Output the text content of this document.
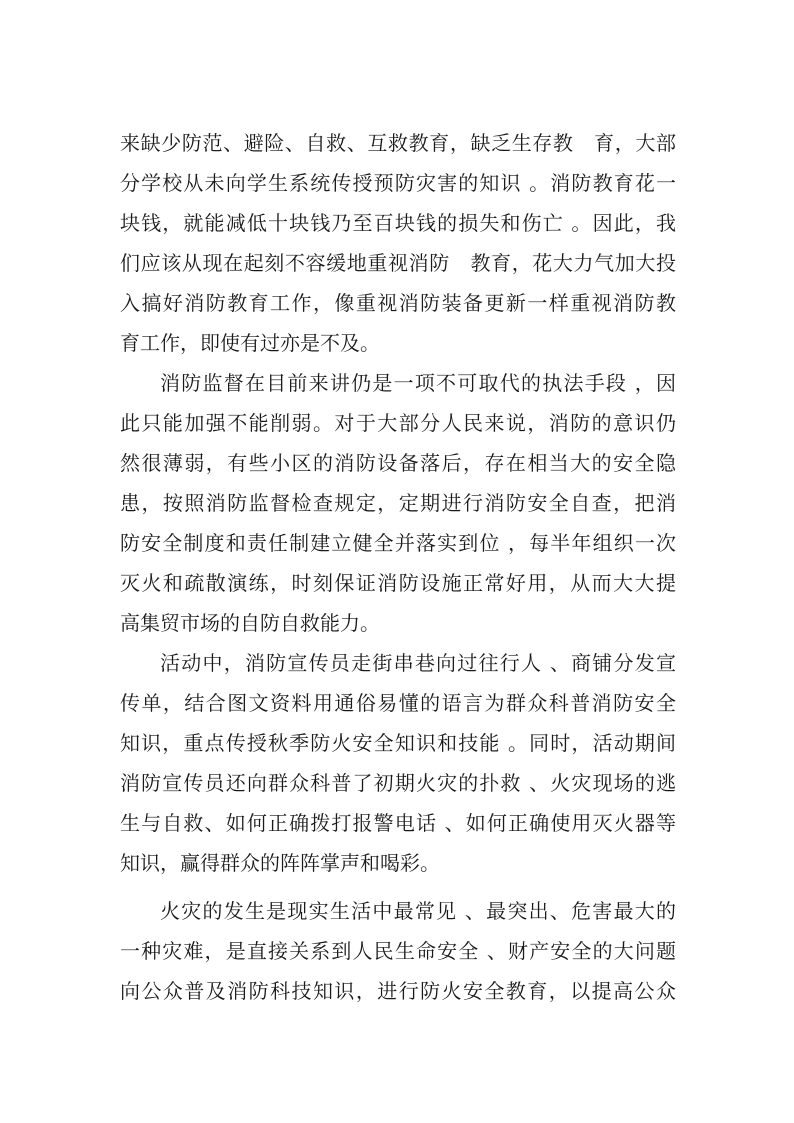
来缺少防范、避险、自救、互救教育，缺乏生存教　育，大部
分学校从未向学生系统传授预防灾害的知识 。消防教育花一
块钱，就能减低十块钱乃至百块钱的损失和伤亡 。因此，我
们应该从现在起刻不容缓地重视消防　教育，花大力气加大投
入搞好消防教育工作，像重视消防装备更新一样重视消防教
育工作，即使有过亦是不及。
消防监督在目前来讲仍是一项不可取代的执法手段 ，因
此只能加强不能削弱。对于大部分人民来说，消防的意识仍
然很薄弱，有些小区的消防设备落后，存在相当大的安全隐
患，按照消防监督检查规定，定期进行消防安全自查，把消
防安全制度和责任制建立健全并落实到位 ，每半年组织一次
灭火和疏散演练，时刻保证消防设施正常好用，从而大大提
高集贸市场的自防自救能力。
活动中，消防宣传员走街串巷向过往行人 、商铺分发宣
传单，结合图文资料用通俗易懂的语言为群众科普消防安全
知识，重点传授秋季防火安全知识和技能 。同时，活动期间
消防宣传员还向群众科普了初期火灾的扑救 、火灾现场的逃
生与自救、如何正确拨打报警电话 、如何正确使用灭火器等
知识，赢得群众的阵阵掌声和喝彩。
火灾的发生是现实生活中最常见 、最突出、危害最大的
一种灾难，是直接关系到人民生命安全 、财产安全的大问题
向公众普及消防科技知识，进行防火安全教育，以提高公众
